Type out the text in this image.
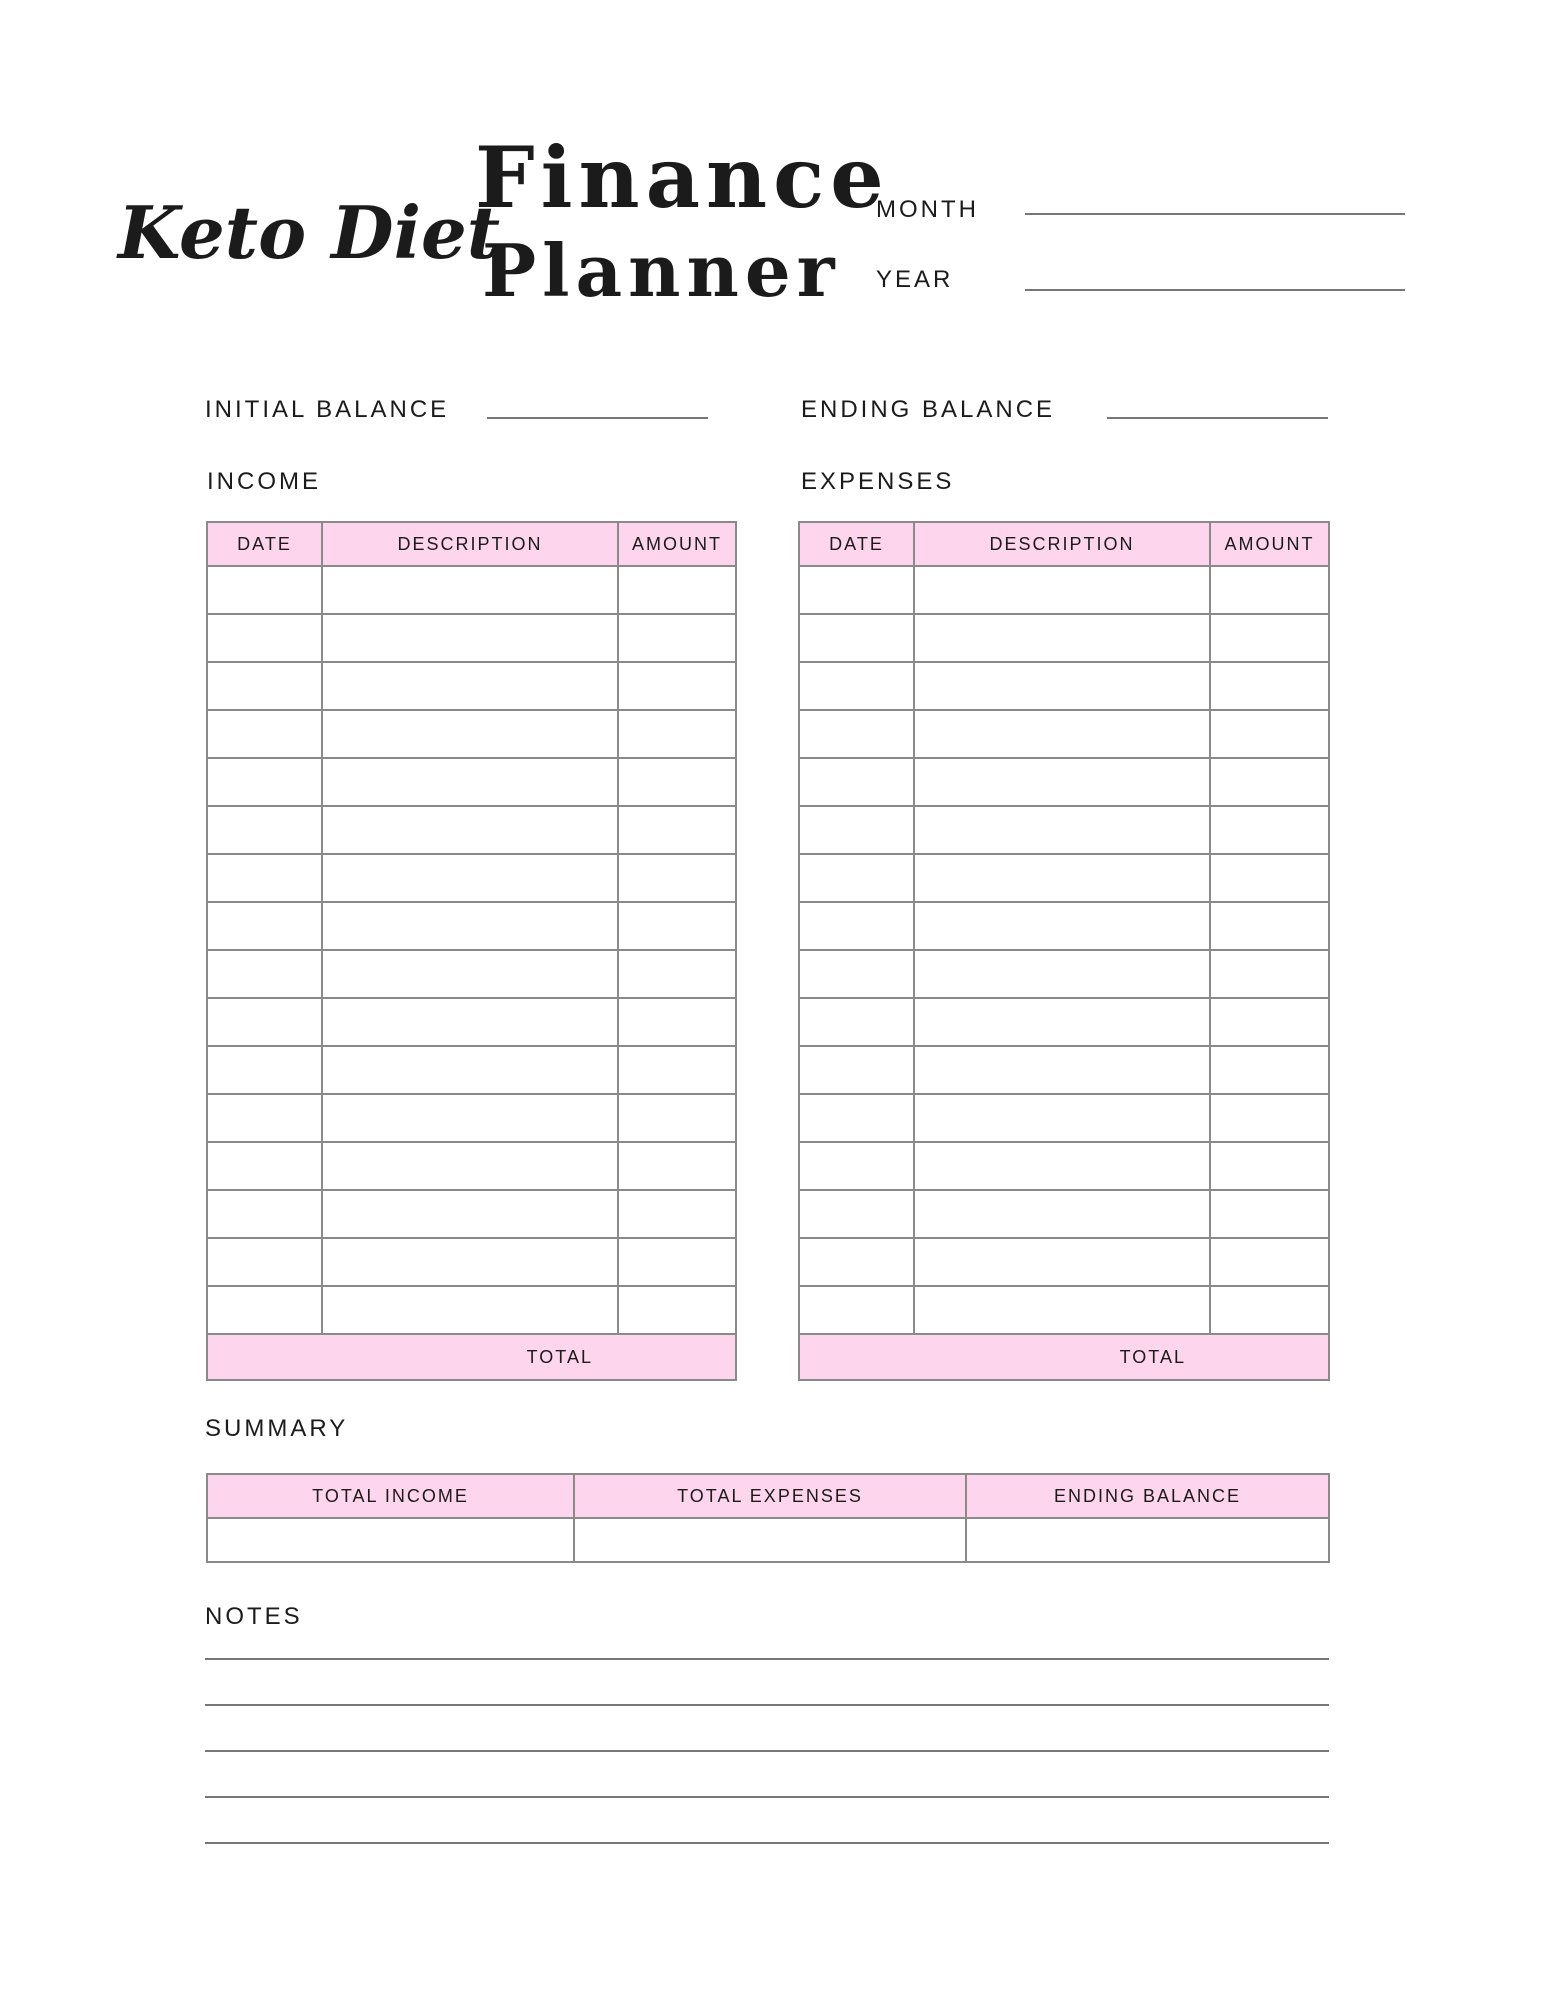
Keto Diet
Finance
Planner
MONTH
YEAR
INITIAL BALANCE	ENDING BALANCE
INCOME	EXPENSES
DATE	DESCRIPTION	AMOUNT

TOTAL		
DATE	DESCRIPTION	AMOUNT

TOTAL		
SUMMARY
TOTAL INCOME	TOTAL EXPENSES	ENDING BALANCE

NOTES
